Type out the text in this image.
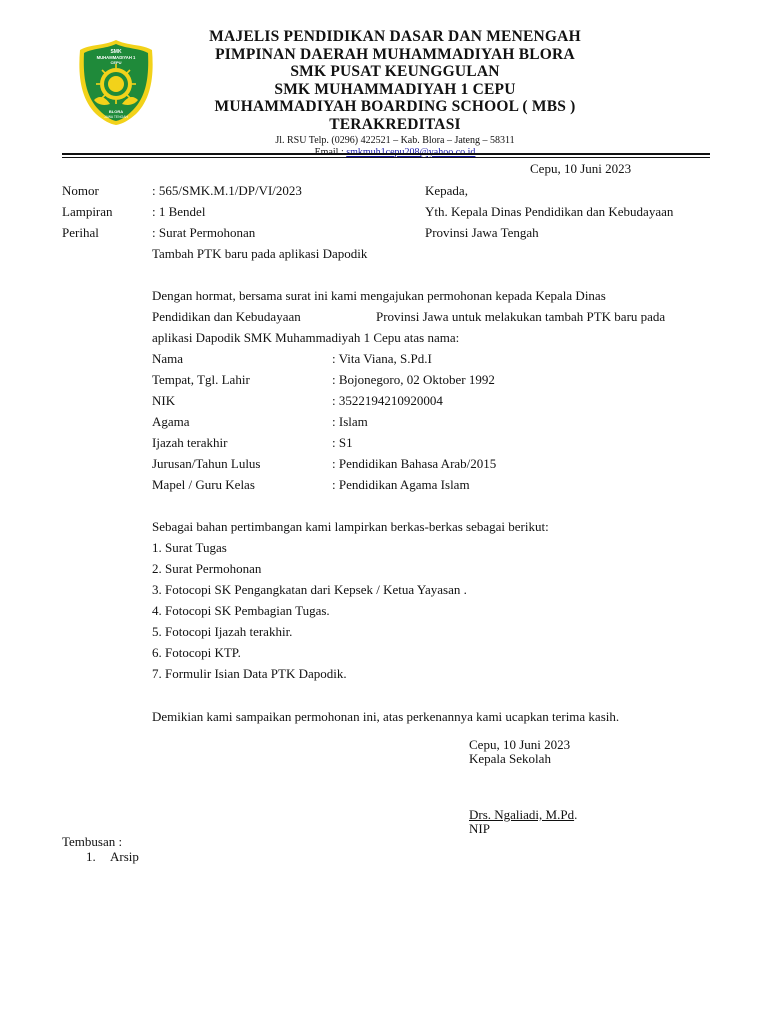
SMK
MUHAMMADIYAH 1
CEPU
BLORA
JAWA TENGAH
MAJELIS PENDIDIKAN DASAR DAN MENENGAH
PIMPINAN DAERAH MUHAMMADIYAH BLORA
SMK PUSAT KEUNGGULAN
SMK MUHAMMADIYAH 1 CEPU
MUHAMMADIYAH BOARDING SCHOOL ( MBS )
TERAKREDITASI
Jl. RSU Telp. (0296) 422521 – Kab. Blora – Jateng – 58311
Email : smkmuh1cepu208@yahoo.co.id
Cepu, 10 Juni 2023
Nomor	: 565/SMK.M.1/DP/VI/2023
Lampiran	: 1 Bendel
Perihal	: Surat Permohonan
Tambah PTK baru pada aplikasi Dapodik
Kepada,
Yth. Kepala Dinas Pendidikan dan Kebudayaan
Provinsi Jawa Tengah
Dengan hormat, bersama surat ini kami mengajukan permohonan kepada Kepala Dinas
Pendidikan dan Kebudayaan	Provinsi Jawa untuk melakukan tambah PTK baru pada
aplikasi Dapodik SMK Muhammadiyah 1 Cepu atas nama:
Nama	: Vita Viana, S.Pd.I
Tempat, Tgl. Lahir	: Bojonegoro, 02 Oktober 1992
NIK	: 3522194210920004
Agama	: Islam
Ijazah terakhir	: S1
Jurusan/Tahun Lulus	: Pendidikan Bahasa Arab/2015
Mapel / Guru Kelas	: Pendidikan Agama Islam
Sebagai bahan pertimbangan kami lampirkan berkas-berkas sebagai berikut:
1. Surat Tugas
2. Surat Permohonan
3. Fotocopi SK Pengangkatan dari Kepsek / Ketua Yayasan .
4. Fotocopi SK Pembagian Tugas.
5. Fotocopi Ijazah terakhir.
6. Fotocopi KTP.
7. Formulir Isian Data PTK Dapodik.
Demikian kami sampaikan permohonan ini, atas perkenannya kami ucapkan terima kasih.
Cepu, 10 Juni 2023
Kepala Sekolah
Drs. Ngaliadi, M.Pd.
NIP
Tembusan :
1. Arsip
